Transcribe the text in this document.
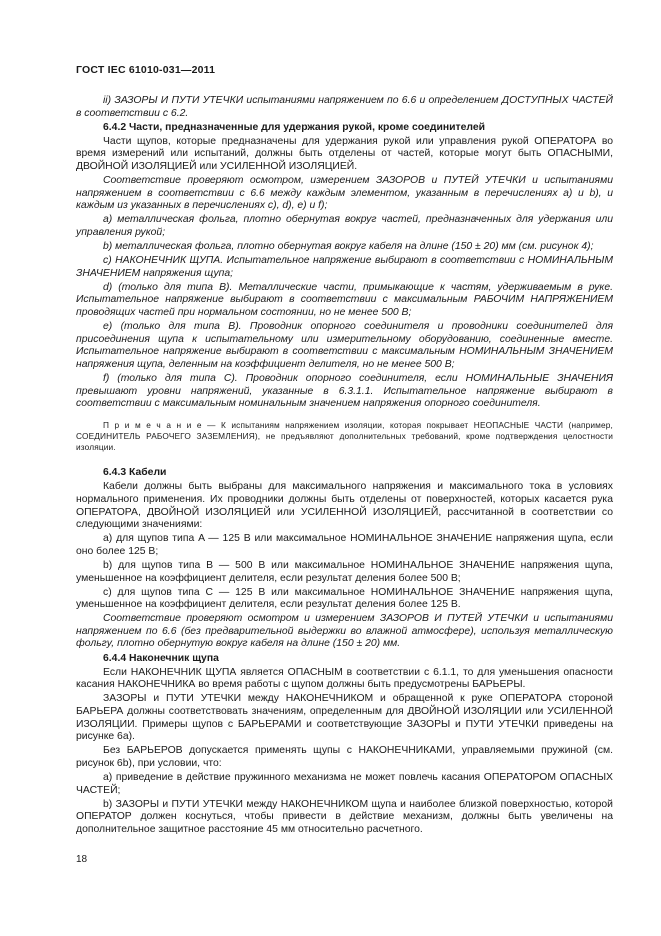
ГОСТ IEC 61010-031—2011

ii) ЗАЗОРЫ И ПУТИ УТЕЧКИ испытаниями напряжением по 6.6 и определением ДОСТУПНЫХ ЧАСТЕЙ в соответствии с 6.2.

6.4.2 Части, предназначенные для удержания рукой, кроме соединителей

Части щупов, которые предназначены для удержания рукой или управления рукой ОПЕРАТОРА во время измерений или испытаний, должны быть отделены от частей, которые могут быть ОПАСНЫМИ, ДВОЙНОЙ ИЗОЛЯЦИЕЙ или УСИЛЕННОЙ ИЗОЛЯЦИЕЙ.

Соответствие проверяют осмотром, измерением ЗАЗОРОВ и ПУТЕЙ УТЕЧКИ и испытаниями напряжением в соответствии с 6.6 между каждым элементом, указанным в перечислениях а) и b), и каждым из указанных в перечислениях с), d), e) и f);

a) металлическая фольга, плотно обернутая вокруг частей, предназначенных для удержания или управления рукой;

b) металлическая фольга, плотно обернутая вокруг кабеля на длине (150 ± 20) мм (см. рисунок 4);

c) НАКОНЕЧНИК ЩУПА. Испытательное напряжение выбирают в соответствии с НОМИНАЛЬНЫМ ЗНАЧЕНИЕМ напряжения щупа;

d) (только для типа B). Металлические части, примыкающие к частям, удерживаемым в руке. Испытательное напряжение выбирают в соответствии с максимальным РАБОЧИМ НАПРЯЖЕНИЕМ проводящих частей при нормальном состоянии, но не менее 500 В;

e) (только для типа B). Проводник опорного соединителя и проводники соединителей для присоединения щупа к испытательному или измерительному оборудованию, соединенные вместе. Испытательное напряжение выбирают в соответствии с максимальным НОМИНАЛЬНЫМ ЗНАЧЕНИЕМ напряжения щупа, деленным на коэффициент делителя, но не менее 500 В;

f) (только для типа C). Проводник опорного соединителя, если НОМИНАЛЬНЫЕ ЗНАЧЕНИЯ превышают уровни напряжений, указанные в 6.3.1.1. Испытательное напряжение выбирают в соответствии с максимальным номинальным значением напряжения опорного соединителя.

П р и м е ч а н и е — К испытаниям напряжением изоляции, которая покрывает НЕОПАСНЫЕ ЧАСТИ (например, СОЕДИНИТЕЛЬ РАБОЧЕГО ЗАЗЕМЛЕНИЯ), не предъявляют дополнительных требований, кроме подтверждения целостности изоляции.

6.4.3 Кабели

Кабели должны быть выбраны для максимального напряжения и максимального тока в условиях нормального применения. Их проводники должны быть отделены от поверхностей, которых касается рука ОПЕРАТОРА, ДВОЙНОЙ ИЗОЛЯЦИЕЙ или УСИЛЕННОЙ ИЗОЛЯЦИЕЙ, рассчитанной в соответствии со следующими значениями:

a) для щупов типа A — 125 В или максимальное НОМИНАЛЬНОЕ ЗНАЧЕНИЕ напряжения щупа, если оно более 125 В;

b) для щупов типа B — 500 В или максимальное НОМИНАЛЬНОЕ ЗНАЧЕНИЕ напряжения щупа, уменьшенное на коэффициент делителя, если результат деления более 500 В;

c) для щупов типа C — 125 В или максимальное НОМИНАЛЬНОЕ ЗНАЧЕНИЕ напряжения щупа, уменьшенное на коэффициент делителя, если результат деления более 125 В.

Соответствие проверяют осмотром и измерением ЗАЗОРОВ И ПУТЕЙ УТЕЧКИ и испытаниями напряжением по 6.6 (без предварительной выдержки во влажной атмосфере), используя металлическую фольгу, плотно обернутую вокруг кабеля на длине (150 ± 20) мм.

6.4.4 Наконечник щупа

Если НАКОНЕЧНИК ЩУПА является ОПАСНЫМ в соответствии с 6.1.1, то для уменьшения опасности касания НАКОНЕЧНИКА во время работы с щупом должны быть предусмотрены БАРЬЕРЫ.

ЗАЗОРЫ и ПУТИ УТЕЧКИ между НАКОНЕЧНИКОМ и обращенной к руке ОПЕРАТОРА стороной БАРЬЕРА должны соответствовать значениям, определенным для ДВОЙНОЙ ИЗОЛЯЦИИ или УСИЛЕННОЙ ИЗОЛЯЦИИ. Примеры щупов с БАРЬЕРАМИ и соответствующие ЗАЗОРЫ и ПУТИ УТЕЧКИ приведены на рисунке 6а).

Без БАРЬЕРОВ допускается применять щупы с НАКОНЕЧНИКАМИ, управляемыми пружиной (см. рисунок 6b), при условии, что:

a) приведение в действие пружинного механизма не может повлечь касания ОПЕРАТОРОМ ОПАСНЫХ ЧАСТЕЙ;

b) ЗАЗОРЫ и ПУТИ УТЕЧКИ между НАКОНЕЧНИКОМ щупа и наиболее близкой поверхностью, которой ОПЕРАТОР должен коснуться, чтобы привести в действие механизм, должны быть увеличены на дополнительное защитное расстояние 45 мм относительно расчетного.

18
